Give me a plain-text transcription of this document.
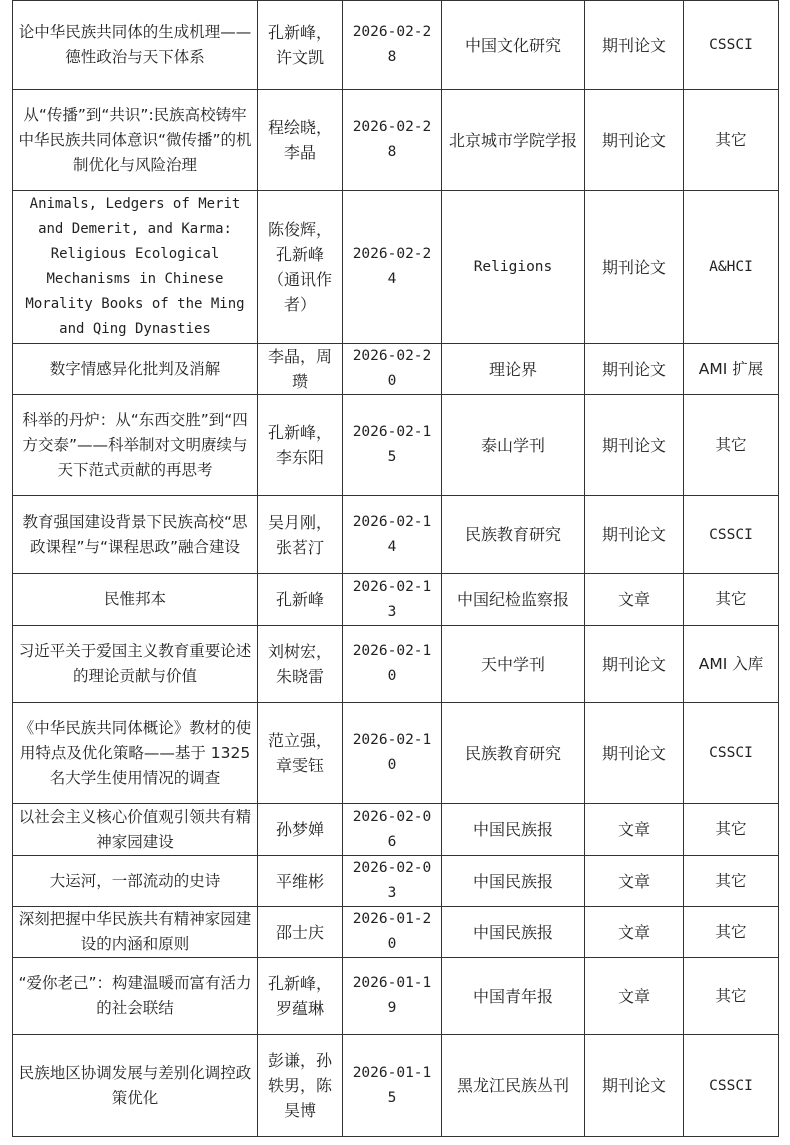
论中华民族共同体的生成机理——德性政治与天下体系	孔新峰，许文凯	2026-02-28	中国文化研究	期刊论文	CSSCI
从“传播”到“共识”:民族高校铸牢中华民族共同体意识“微传播”的机制优化与风险治理	程绘晓，李晶	2026-02-28	北京城市学院学报	期刊论文	其它
Animals, Ledgers of Merit and Demerit, and Karma: Religious Ecological Mechanisms in Chinese Morality Books of the Ming and Qing Dynasties	陈俊辉，孔新峰（通讯作者）	2026-02-24	Religions	期刊论文	A&HCI
数字情感异化批判及消解	李晶，周瓒	2026-02-20	理论界	期刊论文	AMI 扩展
科举的丹炉：从“东西交胜”到“四方交泰”——科举制对文明赓续与天下范式贡献的再思考	孔新峰，李东阳	2026-02-15	泰山学刊	期刊论文	其它
教育强国建设背景下民族高校“思政课程”与“课程思政”融合建设	吴月刚，张茗汀	2026-02-14	民族教育研究	期刊论文	CSSCI
民惟邦本	孔新峰	2026-02-13	中国纪检监察报	文章	其它
习近平关于爱国主义教育重要论述的理论贡献与价值	刘树宏，朱晓雷	2026-02-10	天中学刊	期刊论文	AMI 入库
《中华民族共同体概论》教材的使用特点及优化策略——基于 1325 名大学生使用情况的调查	范立强，章雯钰	2026-02-10	民族教育研究	期刊论文	CSSCI
以社会主义核心价值观引领共有精神家园建设	孙梦婵	2026-02-06	中国民族报	文章	其它
大运河，一部流动的史诗	平维彬	2026-02-03	中国民族报	文章	其它
深刻把握中华民族共有精神家园建设的内涵和原则	邵士庆	2026-01-20	中国民族报	文章	其它
“爱你老己”：构建温暖而富有活力的社会联结	孔新峰，罗蕴琳	2026-01-19	中国青年报	文章	其它
民族地区协调发展与差别化调控政策优化	彭谦，孙轶男，陈昊博	2026-01-15	黑龙江民族丛刊	期刊论文	CSSCI
